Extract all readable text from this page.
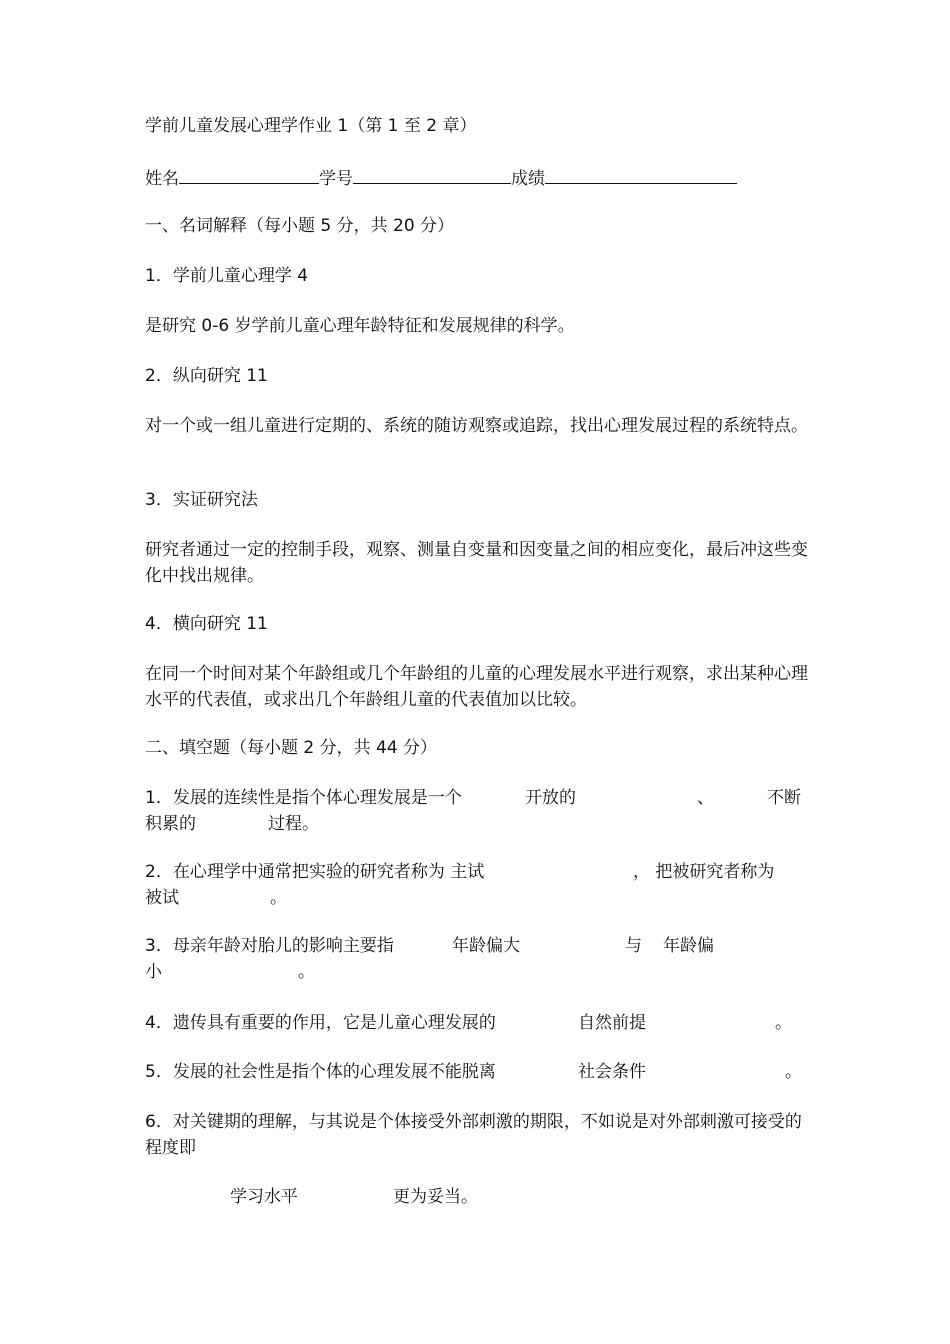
学前儿童发展心理学作业 1（第 1 至 2 章）
姓名	学号	成绩
一、名词解释（每小题 5 分，共 20 分）
1．学前儿童心理学 4
是研究 0-6 岁学前儿童心理年龄特征和发展规律的科学。
2．纵向研究 11
对一个或一组儿童进行定期的、系统的随访观察或追踪，找出心理发展过程的系统特点。
3．实证研究法
研究者通过一定的控制手段，观察、测量自变量和因变量之间的相应变化，最后冲这些变化中找出规律。
4．横向研究 11
在同一个时间对某个年龄组或几个年龄组的儿童的心理发展水平进行观察，求出某种心理水平的代表值，或求出几个年龄组儿童的代表值加以比较。
二、填空题（每小题 2 分，共 44 分）
1．发展的连续性是指个体心理发展是一个	开放的	、	不断
积累的	过程。
2．在心理学中通常把实验的研究者称为 主试	， 把被研究者称为
被试	。
3．母亲年龄对胎儿的影响主要指	年龄偏大	与 年龄偏
小	。
4．遗传具有重要的作用，它是儿童心理发展的	自然前提	。
5．发展的社会性是指个体的心理发展不能脱离	社会条件	。
6．对关键期的理解，与其说是个体接受外部刺激的期限，不如说是对外部刺激可接受的程度即
学习水平	更为妥当。
